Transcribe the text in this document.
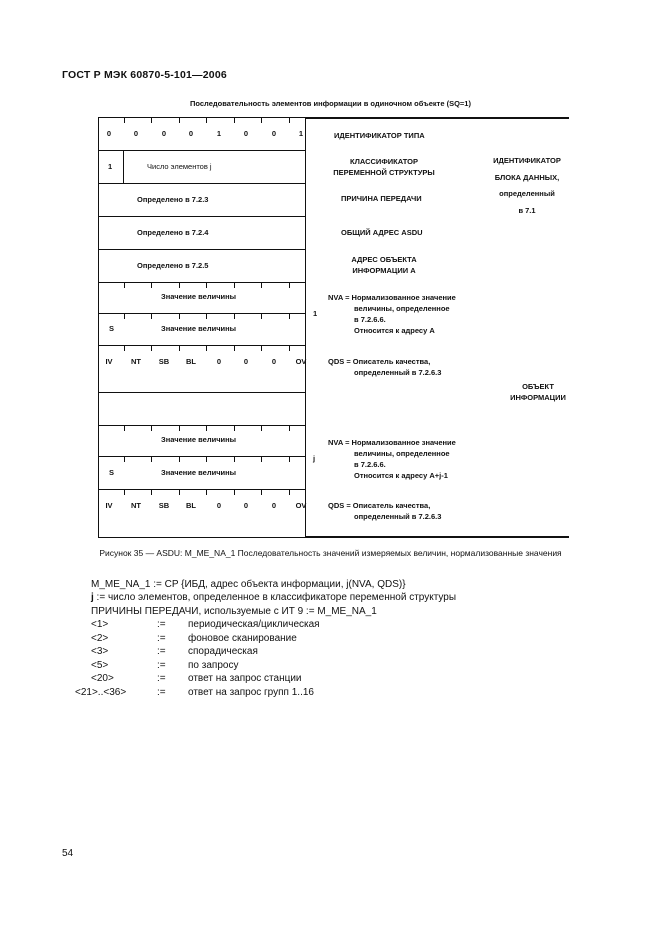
ГОСТ Р МЭК 60870-5-101—2006
Последовательность элементов информации в одиночном объекте (SQ=1)
0	0	0	0	1	0	0	1
1	Число элементов j
Определено в 7.2.3
Определено в 7.2.4
Определено в 7.2.5
Значение величины
S	Значение величины
IV	NT	SB	BL	0	0	0	OV
Значение величины
S	Значение величины
IV	NT	SB	BL	0	0	0	OV
ИДЕНТИФИКАТОР ТИПА
КЛАССИФИКАТОР
ПЕРЕМЕННОЙ СТРУКТУРЫ
ПРИЧИНА ПЕРЕДАЧИ
ОБЩИЙ АДРЕС ASDU
АДРЕС ОБЪЕКТА
ИНФОРМАЦИИ А
ИДЕНТИФИКАТОР
БЛОКА ДАННЫХ,
определенный
в 7.1
1
NVA = Нормализованное значение
величины, определенное
в 7.2.6.6.
Относится к адресу А
QDS = Описатель качества,
определенный в 7.2.6.3
ОБЪЕКТ
ИНФОРМАЦИИ
j
NVA = Нормализованное значение
величины, определенное
в 7.2.6.6.
Относится к адресу A+j-1
QDS = Описатель качества,
определенный в 7.2.6.3
Рисунок 35 — ASDU: M_ME_NA_1 Последовательность значений измеряемых величин, нормализованные значения
M_ME_NA_1 := CP {ИБД, адрес объекта информации, j(NVA, QDS)}
j := число элементов, определенное в классификаторе переменной структуры
ПРИЧИНЫ ПЕРЕДАЧИ, используемые с ИТ 9 := M_ME_NA_1
<1>	:= периодическая/циклическая
<2>	:= фоновое сканирование
<3>	:= спорадическая
<5>	:= по запросу
<20>	:= ответ на запрос станции
<21>..<36>	:= ответ на запрос групп 1..16
54
